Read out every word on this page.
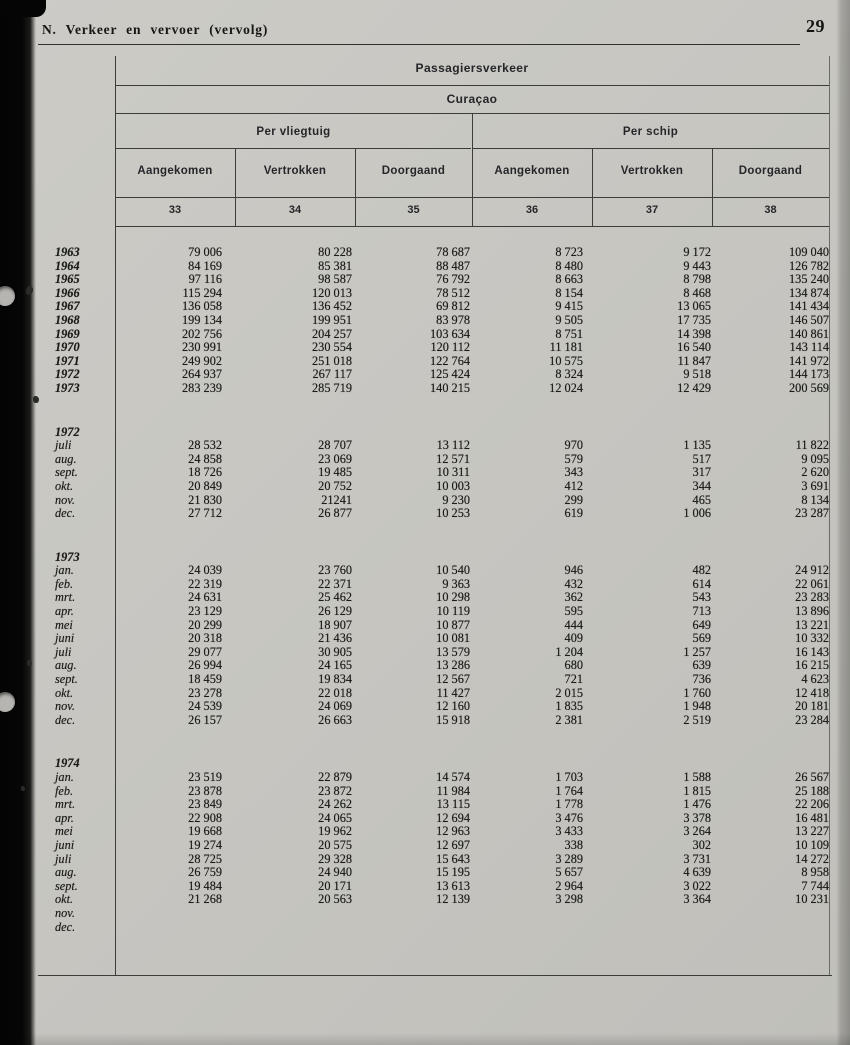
N. Verkeer en vervoer (vervolg)	29
Passagiersverkeer
Curaçao
Per vliegtuig	Per schip
Aangekomen	Vertrokken	Doorgaand	Aangekomen	Vertrokken	Doorgaand
33	34	35	36	37	38
1963	79 006	80 228	78 687	8 723	9 172	109 040
1964	84 169	85 381	88 487	8 480	9 443	126 782
1965	97 116	98 587	76 792	8 663	8 798	135 240
1966	115 294	120 013	78 512	8 154	8 468	134 874
1967	136 058	136 452	69 812	9 415	13 065	141 434
1968	199 134	199 951	83 978	9 505	17 735	146 507
1969	202 756	204 257	103 634	8 751	14 398	140 861
1970	230 991	230 554	120 112	11 181	16 540	143 114
1971	249 902	251 018	122 764	10 575	11 847	141 972
1972	264 937	267 117	125 424	8 324	9 518	144 173
1973	283 239	285 719	140 215	12 024	12 429	200 569
1972
juli	28 532	28 707	13 112	970	1 135	11 822
aug.	24 858	23 069	12 571	579	517	9 095
sept.	18 726	19 485	10 311	343	317	2 620
okt.	20 849	20 752	10 003	412	344	3 691
nov.	21 830	21241	9 230	299	465	8 134
dec.	27 712	26 877	10 253	619	1 006	23 287
1973
jan.	24 039	23 760	10 540	946	482	24 912
feb.	22 319	22 371	9 363	432	614	22 061
mrt.	24 631	25 462	10 298	362	543	23 283
apr.	23 129	26 129	10 119	595	713	13 896
mei	20 299	18 907	10 877	444	649	13 221
juni	20 318	21 436	10 081	409	569	10 332
juli	29 077	30 905	13 579	1 204	1 257	16 143
aug.	26 994	24 165	13 286	680	639	16 215
sept.	18 459	19 834	12 567	721	736	4 623
okt.	23 278	22 018	11 427	2 015	1 760	12 418
nov.	24 539	24 069	12 160	1 835	1 948	20 181
dec.	26 157	26 663	15 918	2 381	2 519	23 284
1974
jan.	23 519	22 879	14 574	1 703	1 588	26 567
feb.	23 878	23 872	11 984	1 764	1 815	25 188
mrt.	23 849	24 262	13 115	1 778	1 476	22 206
apr.	22 908	24 065	12 694	3 476	3 378	16 481
mei	19 668	19 962	12 963	3 433	3 264	13 227
juni	19 274	20 575	12 697	338	302	10 109
juli	28 725	29 328	15 643	3 289	3 731	14 272
aug.	26 759	24 940	15 195	5 657	4 639	8 958
sept.	19 484	20 171	13 613	2 964	3 022	7 744
okt.	21 268	20 563	12 139	3 298	3 364	10 231
nov.
dec.
